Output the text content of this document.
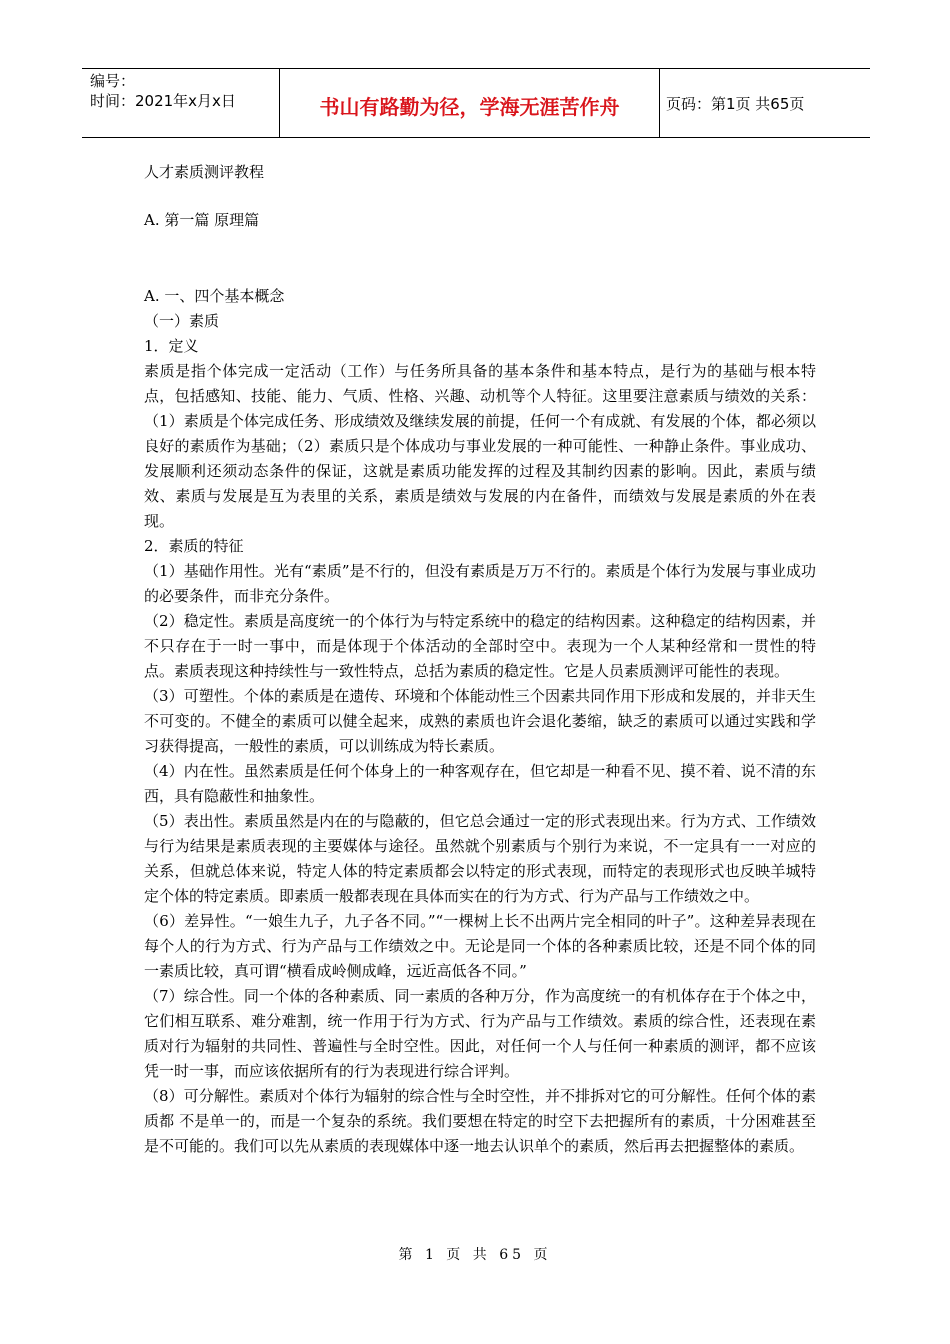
编号：
时间：2021年x月x日	书山有路勤为径，学海无涯苦作舟	页码：第1页 共65页

人才素质测评教程

A. 第一篇 原理篇

A. 一、四个基本概念

（一）素质

1．定义

素质是指个体完成一定活动（工作）与任务所具备的基本条件和基本特点，是行为的基础与根本特点，包括感知、技能、能力、气质、性格、兴趣、动机等个人特征。这里要注意素质与绩效的关系：（1）素质是个体完成任务、形成绩效及继续发展的前提，任何一个有成就、有发展的个体，都必须以良好的素质作为基础；（2）素质只是个体成功与事业发展的一种可能性、一种静止条件。事业成功、发展顺利还须动态条件的保证，这就是素质功能发挥的过程及其制约因素的影响。因此，素质与绩效、素质与发展是互为表里的关系，素质是绩效与发展的内在备件，而绩效与发展是素质的外在表现。

2．素质的特征

（1）基础作用性。光有“素质”是不行的，但没有素质是万万不行的。素质是个体行为发展与事业成功的必要条件，而非充分条件。

（2）稳定性。素质是高度统一的个体行为与特定系统中的稳定的结构因素。这种稳定的结构因素，并不只存在于一时一事中，而是体现于个体活动的全部时空中。表现为一个人某种经常和一贯性的特点。素质表现这种持续性与一致性特点，总括为素质的稳定性。它是人员素质测评可能性的表现。

（3）可塑性。个体的素质是在遗传、环境和个体能动性三个因素共同作用下形成和发展的，并非天生不可变的。不健全的素质可以健全起来，成熟的素质也许会退化萎缩，缺乏的素质可以通过实践和学习获得提高，一般性的素质，可以训练成为特长素质。

（4）内在性。虽然素质是任何个体身上的一种客观存在，但它却是一种看不见、摸不着、说不清的东西，具有隐蔽性和抽象性。

（5）表出性。素质虽然是内在的与隐蔽的，但它总会通过一定的形式表现出来。行为方式、工作绩效与行为结果是素质表现的主要媒体与途径。虽然就个别素质与个别行为来说，不一定具有一一对应的关系，但就总体来说，特定人体的特定素质都会以特定的形式表现，而特定的表现形式也反映羊城特定个体的特定素质。即素质一般都表现在具体而实在的行为方式、行为产品与工作绩效之中。

（6）差异性。“一娘生九子，九子各不同。”“一棵树上长不出两片完全相同的叶子”。这种差异表现在每个人的行为方式、行为产品与工作绩效之中。无论是同一个体的各种素质比较，还是不同个体的同一素质比较，真可谓“横看成岭侧成峰，远近高低各不同。”

（7）综合性。同一个体的各种素质、同一素质的各种万分，作为高度统一的有机体存在于个体之中，它们相互联系、难分难割，统一作用于行为方式、行为产品与工作绩效。素质的综合性，还表现在素质对行为辐射的共同性、普遍性与全时空性。因此，对任何一个人与任何一种素质的测评，都不应该凭一时一事，而应该依据所有的行为表现进行综合评判。

（8）可分解性。素质对个体行为辐射的综合性与全时空性，并不排拆对它的可分解性。任何个体的素质都 不是单一的，而是一个复杂的系统。我们要想在特定的时空下去把握所有的素质，十分困难甚至是不可能的。我们可以先从素质的表现媒体中逐一地去认识单个的素质，然后再去把握整体的素质。

第 1 页 共 65 页
